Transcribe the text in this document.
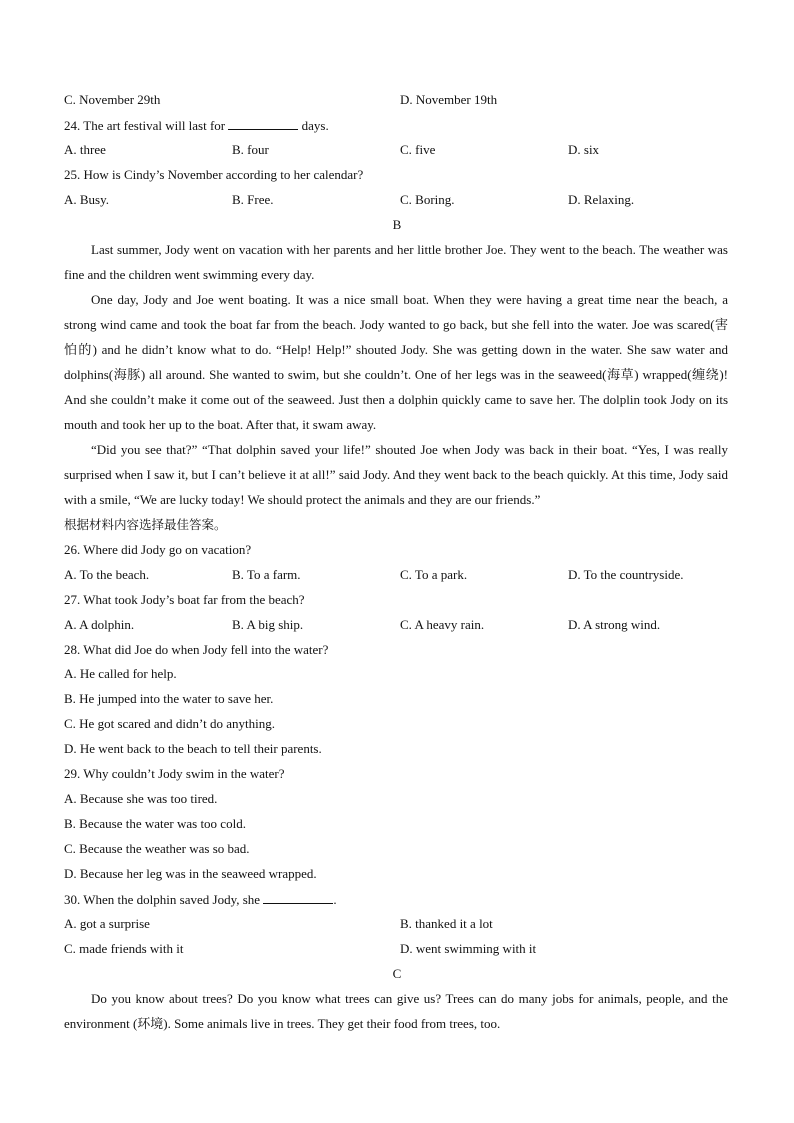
C. November 29th	D. November 19th
24. The art festival will last for	days.
A. three	B. four	C. five	D. six
25. How is Cindy’s November according to her calendar?
A. Busy.	B. Free.	C. Boring.	D. Relaxing.
B
Last summer, Jody went on vacation with her parents and her little brother Joe. They went to the beach. The weather was fine and the children went swimming every day.
One day, Jody and Joe went boating. It was a nice small boat. When they were having a great time near the beach, a strong wind came and took the boat far from the beach. Jody wanted to go back, but she fell into the water. Joe was scared(害怕的) and he didn’t know what to do. “Help! Help!” shouted Jody. She was getting down in the water. She saw water and dolphins(海豚) all around. She wanted to swim, but she couldn’t. One of her legs was in the seaweed(海草) wrapped(缠绕)! And she couldn’t make it come out of the seaweed. Just then a dolphin quickly came to save her. The dolplin took Jody on its mouth and took her up to the boat. After that, it swam away.
“Did you see that?” “That dolphin saved your life!” shouted Joe when Jody was back in their boat. “Yes, I was really surprised when I saw it, but I can’t believe it at all!” said Jody. And they went back to the beach quickly. At this time, Jody said with a smile, “We are lucky today! We should protect the animals and they are our friends.”
根据材料内容选择最佳答案。
26. Where did Jody go on vacation?
A. To the beach.	B. To a farm.	C. To a park.	D. To the countryside.
27. What took Jody’s boat far from the beach?
A. A dolphin.	B. A big ship.	C. A heavy rain.	D. A strong wind.
28. What did Joe do when Jody fell into the water?
A. He called for help.
B. He jumped into the water to save her.
C. He got scared and didn’t do anything.
D. He went back to the beach to tell their parents.
29. Why couldn’t Jody swim in the water?
A. Because she was too tired.
B. Because the water was too cold.
C. Because the weather was so bad.
D. Because her leg was in the seaweed wrapped.
30. When the dolphin saved Jody, she	.
A. got a surprise	B. thanked it a lot
C. made friends with it	D. went swimming with it
C
Do you know about trees? Do you know what trees can give us? Trees can do many jobs for animals, people, and the environment (环境). Some animals live in trees. They get their food from trees, too.
